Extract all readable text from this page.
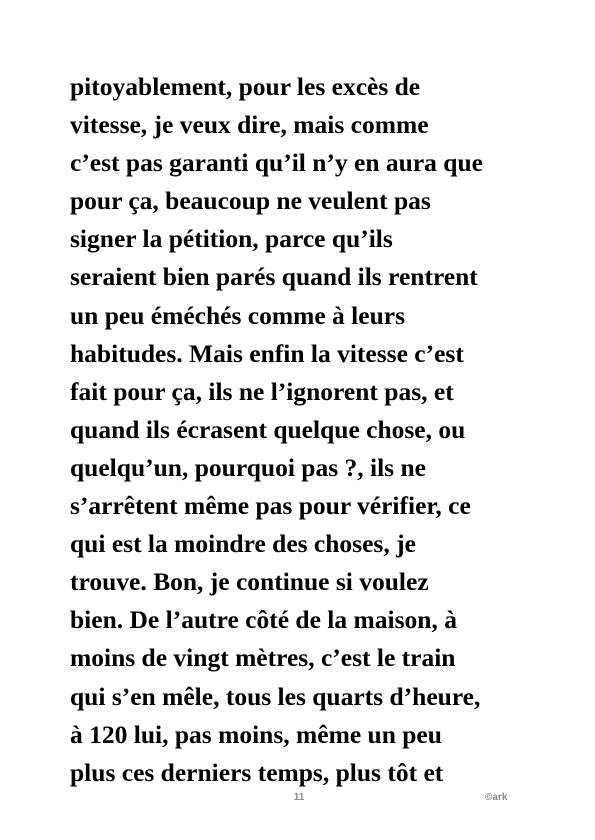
pitoyablement, pour les excès de
vitesse, je veux dire, mais comme
c’est pas garanti qu’il n’y en aura que
pour ça, beaucoup ne veulent pas
signer la pétition, parce qu’ils
seraient bien parés quand ils rentrent
un peu éméchés comme à leurs
habitudes. Mais enfin la vitesse c’est
fait pour ça, ils ne l’ignorent pas, et
quand ils écrasent quelque chose, ou
quelqu’un, pourquoi pas ?, ils ne
s’arrêtent même pas pour vérifier, ce
qui est la moindre des choses, je
trouve. Bon, je continue si voulez
bien. De l’autre côté de la maison, à
moins de vingt mètres, c’est le train
qui s’en mêle, tous les quarts d’heure,
à 120 lui, pas moins, même un peu
plus ces derniers temps, plus tôt et
11	©ark
